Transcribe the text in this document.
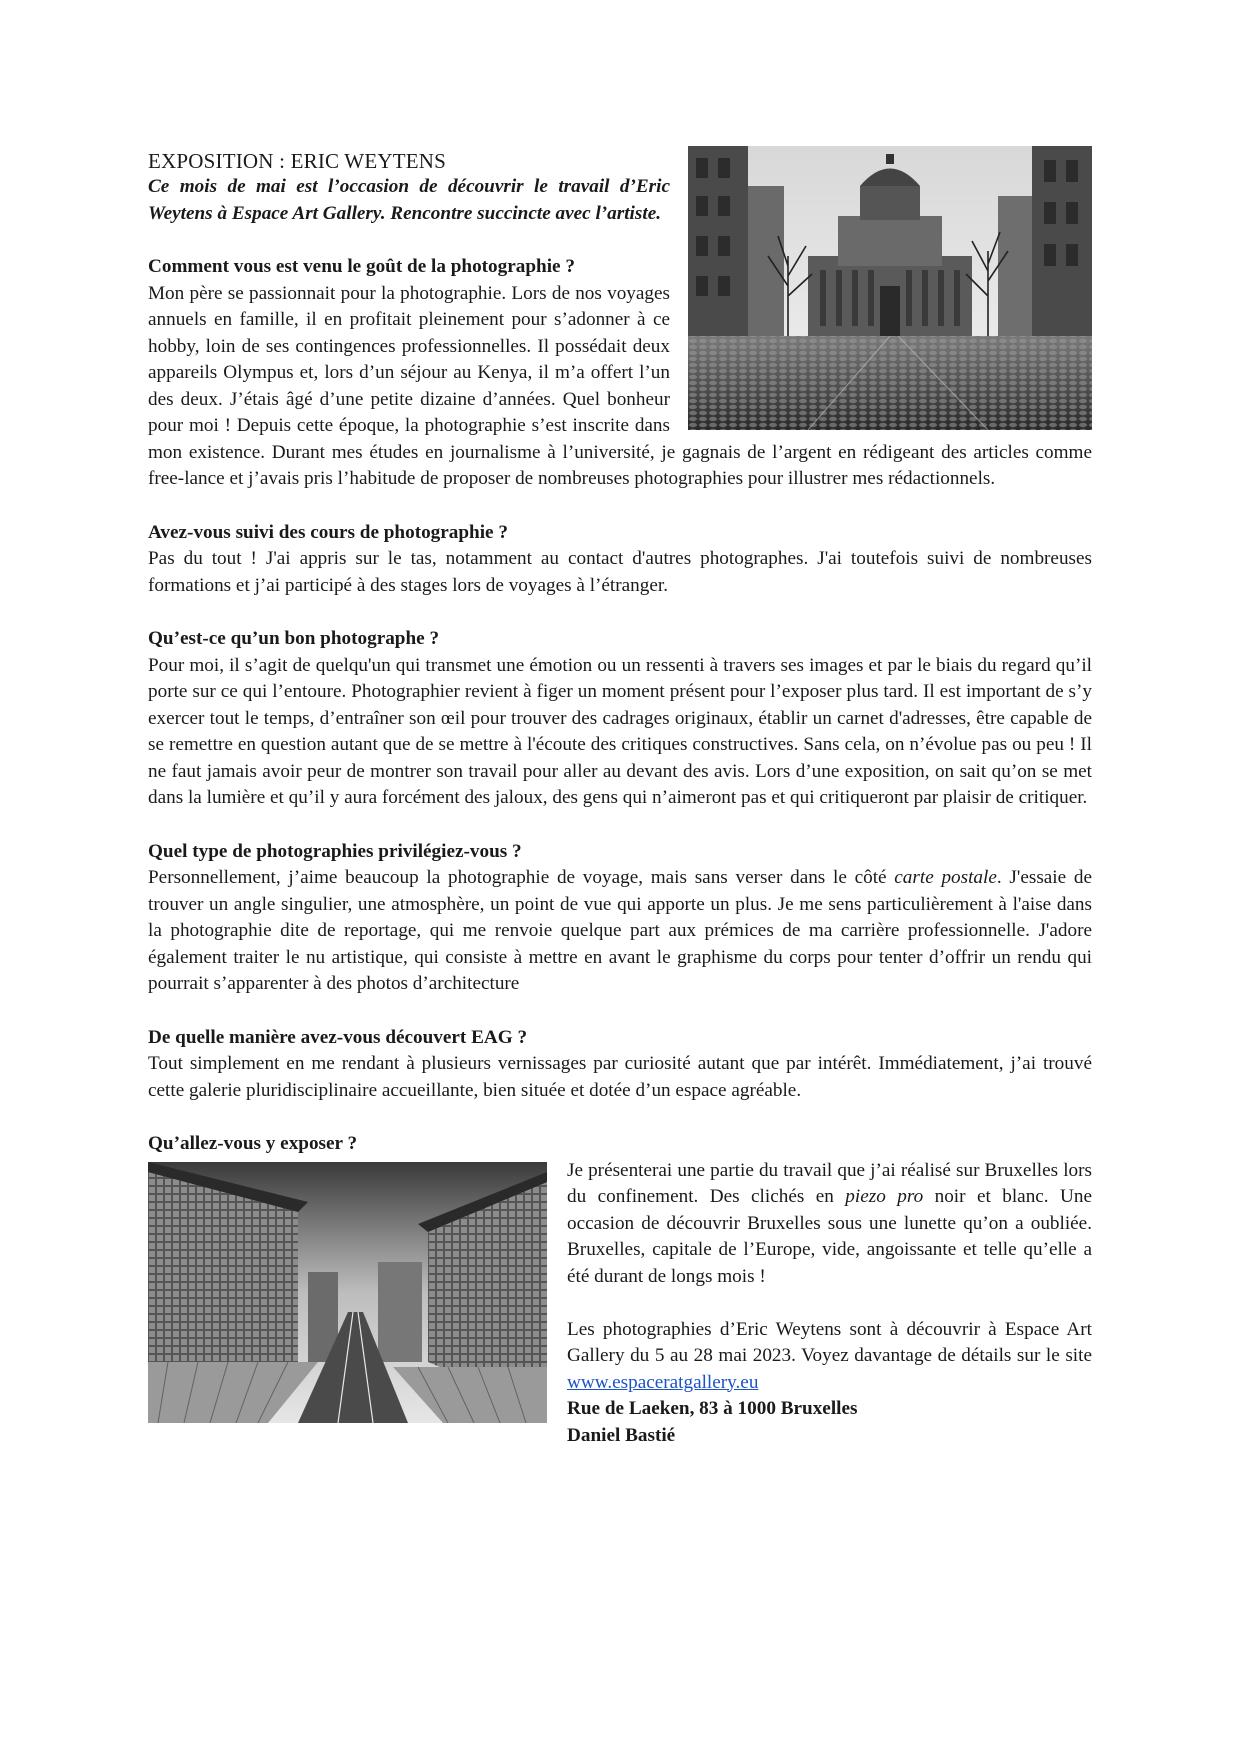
EXPOSITION : ERIC WEYTENS

Ce mois de mai est l’occasion de découvrir le travail d’Eric Weytens à Espace Art Gallery. Rencontre succincte avec l’artiste.

Comment vous est venu le goût de la photographie ?

Mon père se passionnait pour la photographie. Lors de nos voyages annuels en famille, il en profitait pleinement pour s’adonner à ce hobby, loin de ses contingences professionnelles. Il possédait deux appareils Olympus et, lors d’un séjour au Kenya, il m’a offert l’un des deux. J’étais âgé d’une petite dizaine d’années. Quel bonheur pour moi ! Depuis cette époque, la photographie s’est inscrite dans mon existence. Durant mes études en journalisme à l’université, je gagnais de l’argent en rédigeant des articles comme free-lance et j’avais pris l’habitude de proposer de nombreuses photographies pour illustrer mes rédactionnels.

Avez-vous suivi des cours de photographie ?

Pas du tout ! J'ai appris sur le tas, notamment au contact d'autres photographes. J'ai toutefois suivi de nombreuses formations et j’ai participé à des stages lors de voyages à l’étranger.

Qu’est-ce qu’un bon photographe ?

Pour moi, il s’agit de quelqu'un qui transmet une émotion ou un ressenti à travers ses images et par le biais du regard qu’il porte sur ce qui l’entoure. Photographier revient à figer un moment présent pour l’exposer plus tard. Il est important de s’y exercer tout le temps, d’entraîner son œil pour trouver des cadrages originaux, établir un carnet d'adresses, être capable de se remettre en question autant que de se mettre à l'écoute des critiques constructives. Sans cela, on n’évolue pas ou peu ! Il ne faut jamais avoir peur de montrer son travail pour aller au devant des avis. Lors d’une exposition, on sait qu’on se met dans la lumière et qu’il y aura forcément des jaloux, des gens qui n’aimeront pas et qui critiqueront par plaisir de critiquer.

Quel type de photographies privilégiez-vous ?

Personnellement, j’aime beaucoup la photographie de voyage, mais sans verser dans le côté carte postale. J'essaie de trouver un angle singulier, une atmosphère, un point de vue qui apporte un plus. Je me sens particulièrement à l'aise dans la photographie dite de reportage, qui me renvoie quelque part aux prémices de ma carrière professionnelle. J'adore également traiter le nu artistique, qui consiste à mettre en avant le graphisme du corps pour tenter d’offrir un rendu qui pourrait s’apparenter à des photos d’architecture

De quelle manière avez-vous découvert EAG ?

Tout simplement en me rendant à plusieurs vernissages par curiosité autant que par intérêt. Immédiatement, j’ai trouvé cette galerie pluridisciplinaire accueillante, bien située et dotée d’un espace agréable.

Qu’allez-vous y exposer ?

Je présenterai une partie du travail que j’ai réalisé sur Bruxelles lors du confinement. Des clichés en piezo pro noir et blanc. Une occasion de découvrir Bruxelles sous une lunette qu’on a oubliée. Bruxelles, capitale de l’Europe, vide, angoissante et telle qu’elle a été durant de longs mois !

Les photographies d’Eric Weytens sont à découvrir à Espace Art Gallery du 5 au 28 mai 2023. Voyez davantage de détails sur le site www.espaceratgallery.eu

Rue de Laeken, 83 à 1000 Bruxelles

Daniel Bastié
